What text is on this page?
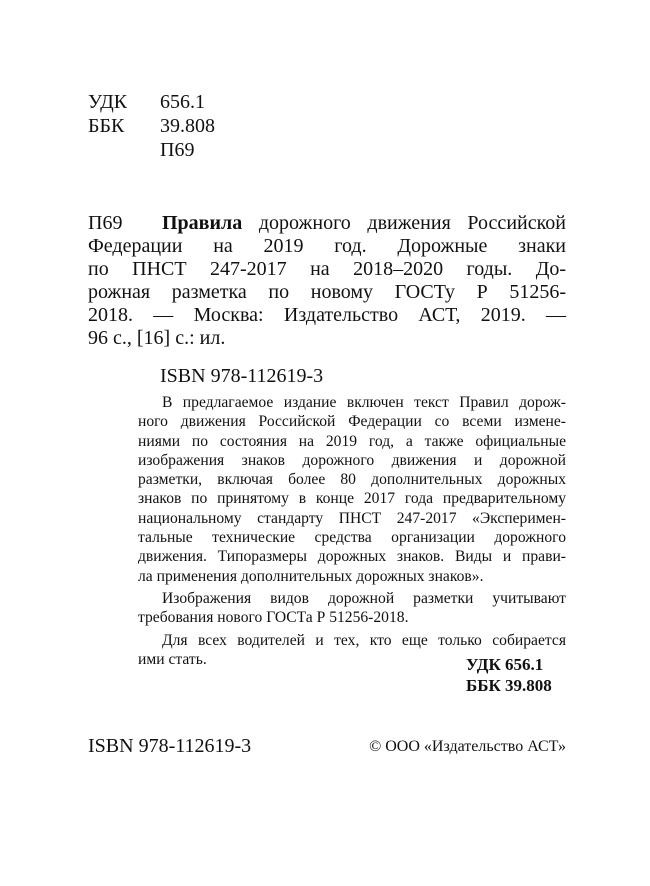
УДК	656.1
ББК	39.808
П69
П69 Правила дорожного движения Российской
Федерации на 2019 год. Дорожные знаки
по ПНСТ 247-2017 на 2018–2020 годы. До-
рожная разметка по новому ГОСТу Р 51256-
2018. — Москва: Издательство АСТ, 2019. —
96 с., [16] с.: ил.
ISBN 978-112619-3

В предлагаемое издание включен текст Правил дорож-
ного движения Российской Федерации со всеми измене-
ниями по состояния на 2019 год, а также официальные
изображения знаков дорожного движения и дорожной
разметки, включая более 80 дополнительных дорожных
знаков по принятому в конце 2017 года предварительному
национальному стандарту ПНСТ 247-2017 «Эксперимен-
тальные технические средства организации дорожного
движения. Типоразмеры дорожных знаков. Виды и прави-
ла применения дополнительных дорожных знаков».

Изображения видов дорожной разметки учитывают
требования нового ГОСТа Р 51256-2018.

Для всех водителей и тех, кто еще только собирается
ими стать.	УДК 656.1
ББК 39.808
ISBN 978-112619-3	© ООО «Издательство АСТ»
